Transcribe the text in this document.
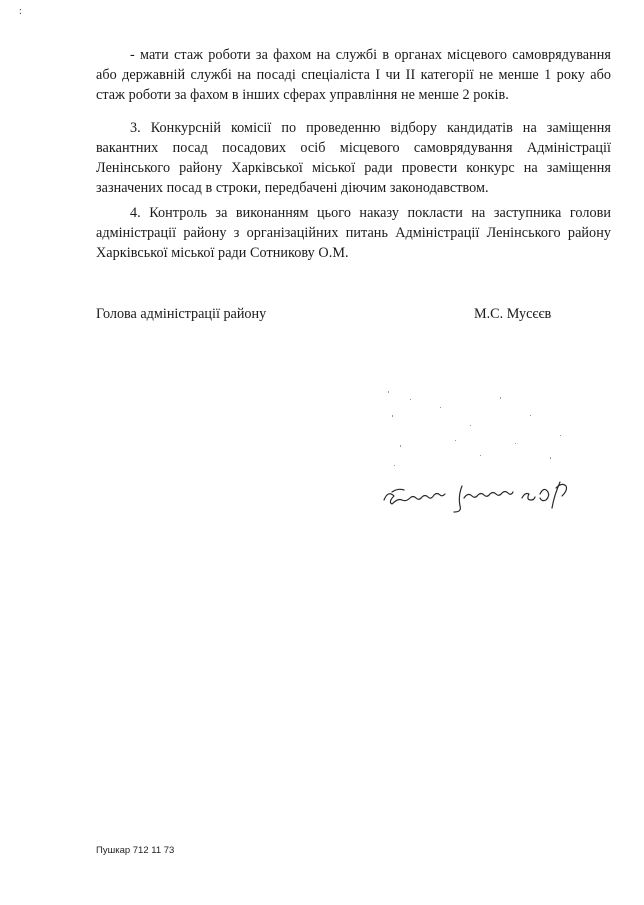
:
- мати стаж роботи за фахом на службі в органах місцевого самоврядування або державній службі на посаді спеціаліста I чи II категорії не менше 1 року або стаж роботи за фахом в інших сферах управління не менше 2 років.
3. Конкурсній комісії по проведенню відбору кандидатів на заміщення вакантних посад посадових осіб місцевого самоврядування Адміністрації Ленінського району Харківської міської ради провести конкурс на заміщення зазначених посад в строки, передбачені діючим законодавством.
4. Контроль за виконанням цього наказу покласти на заступника голови адміністрації району з організаційних питань Адміністрації Ленінського району Харківської міської ради Сотникову О.М.
Голова адміністрації району	М.С. Мусєєв
Пушкар 712 11 73
